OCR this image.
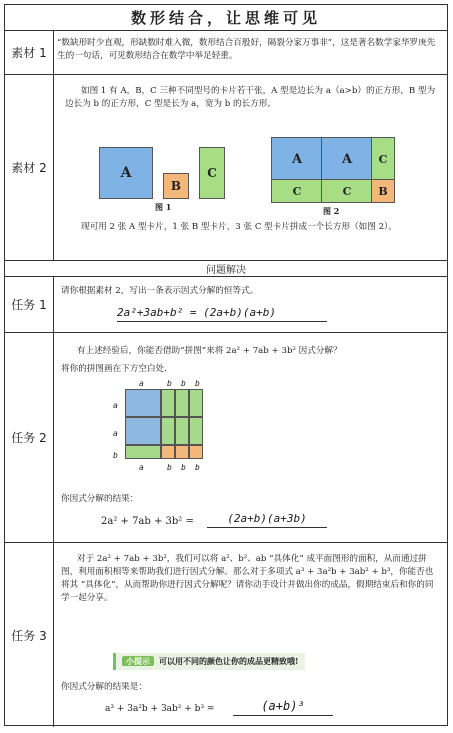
数形结合，让思维可见
素材 1
“数缺形时少直观，形缺数时难入微，数形结合百般好，隔裂分家万事非”，这是著名数学家华罗庚先生的一句话，可见数形结合在数学中举足轻重。
素材 2
如图 1 有 A，B，C 三种不同型号的卡片若干张，A 型是边长为 a（a>b）的正方形，B 型为边长为 b 的正方形，C 型是长为 a，宽为 b 的长方形。
A
B
C
图 1
A	A	C
C	C	B
图 2
现可用 2 张 A 型卡片，1 张 B 型卡片，3 张 C 型卡片拼成一个长方形（如图 2）。
问题解决
任务 1
请你根据素材 2，写出一条表示因式分解的恒等式。
2a²+3ab+b² = (2a+b)(a+b)
任务 2
有上述经验后，你能否借助“拼图”来将 2a² + 7ab + 3b² 因式分解？
将你的拼图画在下方空白处.
a	b b b
a
a
b
a	b b b
你因式分解的结果：
2a² + 7ab + 3b² =	(2a+b)(a+3b)
任务 3
对于 2a² + 7ab + 3b²，我们可以将 a²、b²、ab “具体化” 成平面图形的面积，从而通过拼图，利用面积相等来帮助我们进行因式分解。那么对于多项式 a³ + 3a²b + 3ab² + b³，你能否也将其 “具体化”，从而帮助你进行因式分解呢？请你动手设计并做出你的成品，假期结束后和你的同学一起分享。
小提示 可以用不同的颜色让你的成品更精致哦!
你因式分解的结果是：
a³ + 3a²b + 3ab² + b³ =	(a+b)³
